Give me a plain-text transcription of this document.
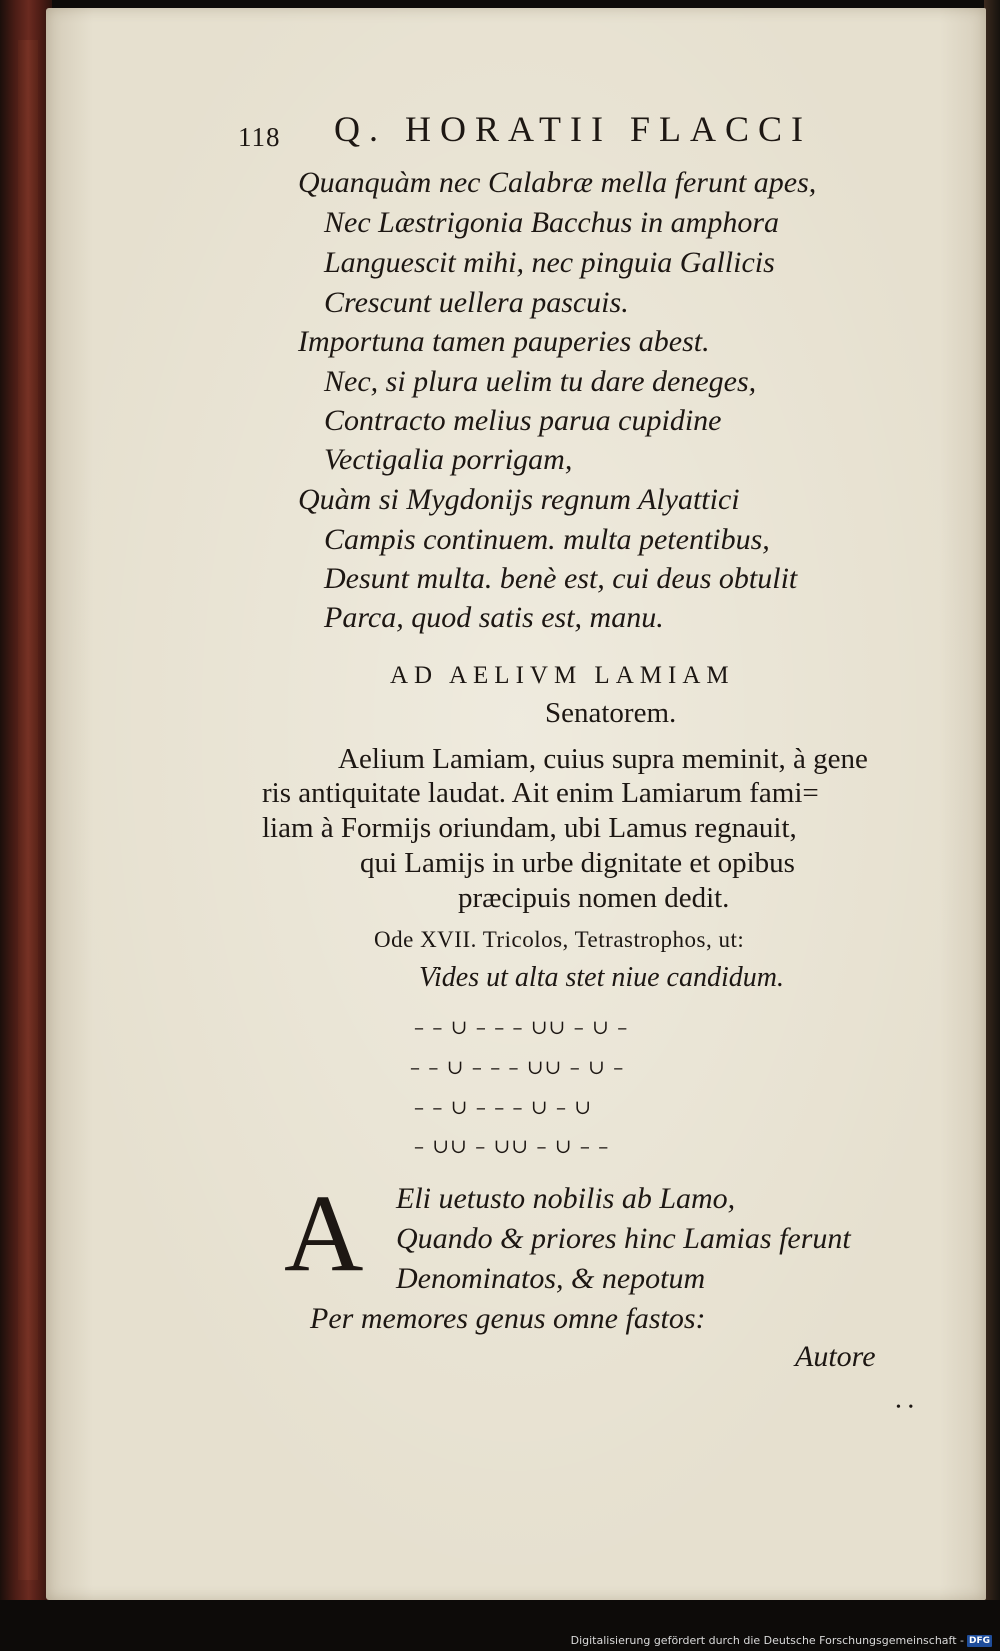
118 Q. HORATII FLACCI
Quanquàm nec Calabræ mella ferunt apes,
Nec Læstrigonia Bacchus in amphora
Languescit mihi, nec pinguia Gallicis
Crescunt uellera pascuis.
Importuna tamen pauperies abest.
Nec, si plura uelim tu dare deneges,
Contracto melius parua cupidine
Vectigalia porrigam,
Quàm si Mygdonijs regnum Alyattici
Campis continuem. multa petentibus,
Desunt multa. benè est, cui deus obtulit
Parca, quod satis est, manu.
AD AELIVM LAMIAM
Senatorem.
Aelium Lamiam, cuius supra meminit, à gene
ris antiquitate laudat. Ait enim Lamiarum fami=
liam à Formijs oriundam, ubi Lamus regnauit,
qui Lamijs in urbe dignitate et opibus
præcipuis nomen dedit.
Ode XVII. Tricolos, Tetrastrophos, ut:
Vides ut alta stet niue candidum.
– – ∪ – – – ∪∪ – ∪ –
– – ∪ – – – ∪∪ – ∪ –
– – ∪ – – – ∪ – ∪
– ∪∪ – ∪∪ – ∪ – –
A Eli uetusto nobilis ab Lamo,
Quando & priores hinc Lamias ferunt
Denominatos, & nepotum
Per memores genus omne fastos:
Autore
• •
Digitalisierung gefördert durch die Deutsche Forschungsgemeinschaft - DFG
